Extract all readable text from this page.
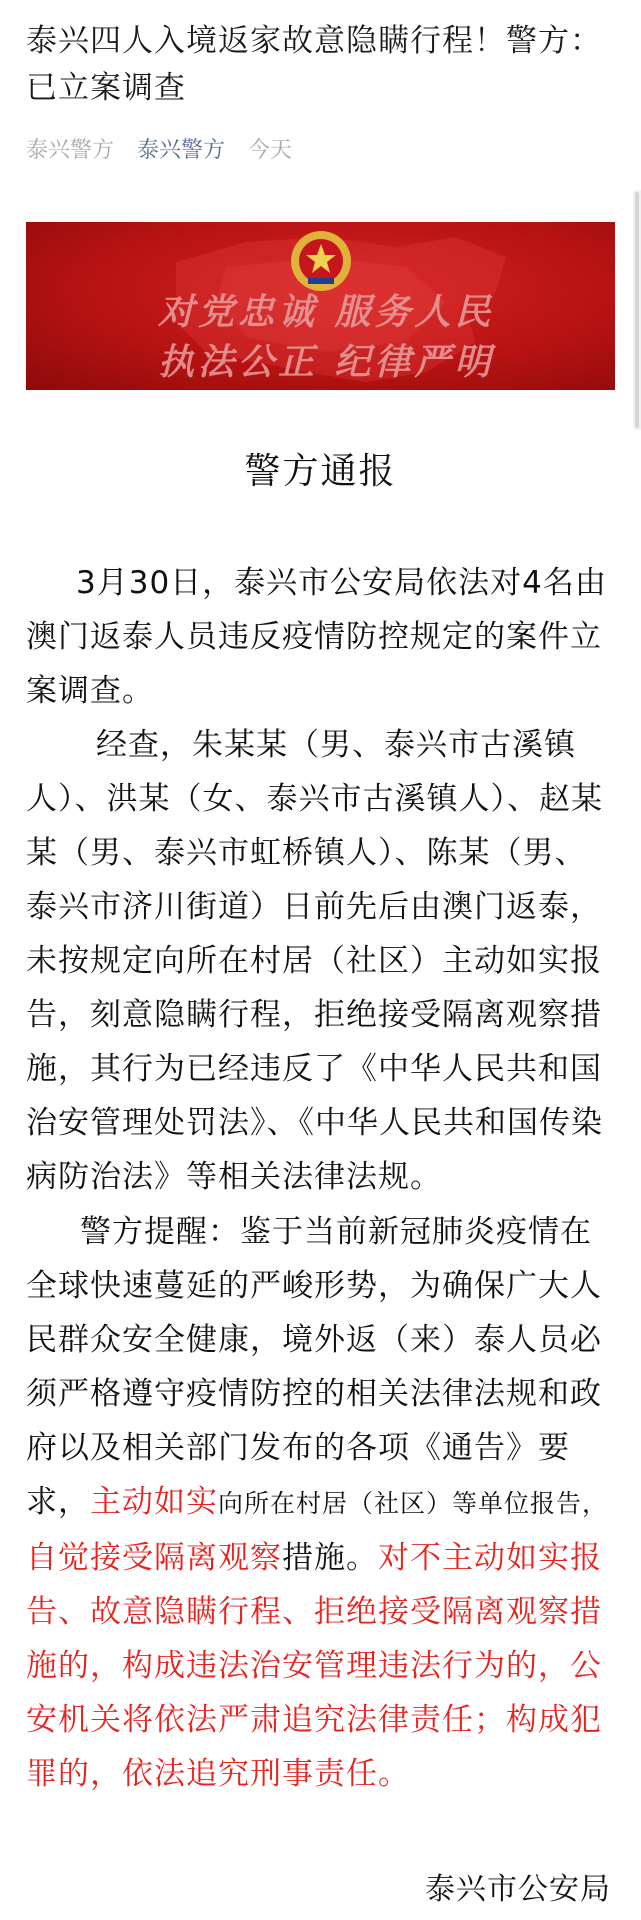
泰兴四人入境返家故意隐瞒行程！警方：已立案调查
泰兴警方 泰兴警方 今天
对党忠诚 服务人民
执法公正 纪律严明
警方通报

3月30日，泰兴市公安局依法对4名由澳门返泰人员违反疫情防控规定的案件立案调查。

经查，朱某某（男、泰兴市古溪镇人）、洪某（女、泰兴市古溪镇人）、赵某某（男、泰兴市虹桥镇人）、陈某（男、泰兴市济川街道）日前先后由澳门返泰，未按规定向所在村居（社区）主动如实报告，刻意隐瞒行程，拒绝接受隔离观察措施，其行为已经违反了《中华人民共和国治安管理处罚法》、《中华人民共和国传染病防治法》等相关法律法规。

警方提醒：鉴于当前新冠肺炎疫情在全球快速蔓延的严峻形势，为确保广大人民群众安全健康，境外返（来）泰人员必须严格遵守疫情防控的相关法律法规和政府以及相关部门发布的各项《通告》要求，主动如实向所在村居（社区）等单位报告，自觉接受隔离观察措施。对不主动如实报告、故意隐瞒行程、拒绝接受隔离观察措施的，构成违法治安管理违法行为的，公安机关将依法严肃追究法律责任；构成犯罪的，依法追究刑事责任。

泰兴市公安局
